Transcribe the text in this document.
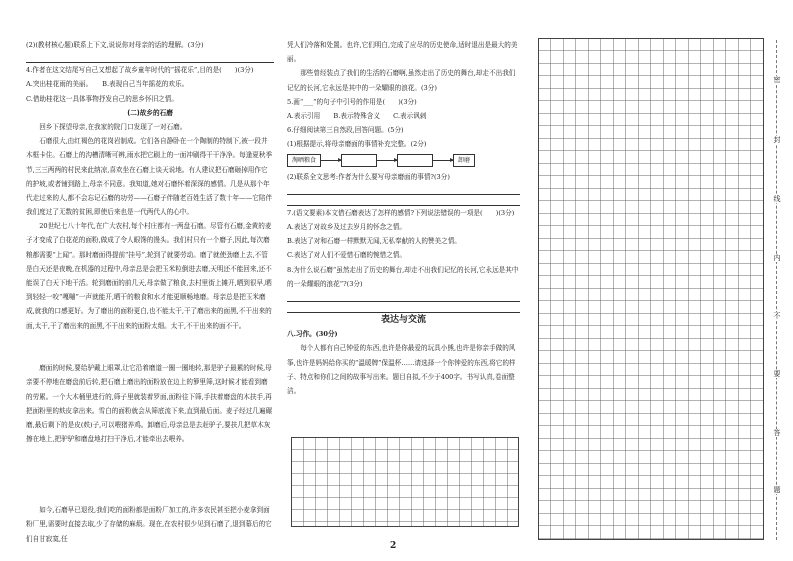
(2)(教材核心题)联系上下文,说说你对母亲的话的理解。(3分)

4.作者在这文结尾写自己又想起了故乡童年时代的“摇花乐”,目的是(　　)(3分)

A.突出桂花雨的美丽。　　 B.表现自己当年摇花的欢乐。

C.借助桂花这一具体事物抒发自己的思乡怀旧之情。

(二)故乡的石磨

回乡下探望母亲,在我家的院门口发现了一对石磨。

石磨很大,由红褐色的花岗岩制成。它们各自静卧在一个陶制的特制下,被一段井木框卡住。石磨上的沟槽清晰可辨,雨水把它刷上的一面冲刷得干干净净。每逢夏秋季节,三三两两的村民来此纳凉,喜欢坐在石磨上谈天说地。有人建议把石磨砸掉用作它的护坡,或者铺到路上,母亲不同意。我知道,她对石磨怀着深深的感情。几是从那个年代走过来的人,都不会忘记石磨的功劳——石磨子伴随老百姓生活了数十年——它陪伴我们度过了无数的贫困,即使后来也是一代两代人的心中。

20世纪七八十年代,在广大农村,每个村庄都有一两盘石磨。尽管有石磨,金黄的麦子才变成了白花花的面粉,做成了令人眼馋的馒头。我们村只有一个磨子,因此,每次磨粮都需要“上闻”。那时磨面得提前“挂号”,轮到了就要劳动。磨了就使劲磨上去,不管是白天还是夜晚,在机器的过程中,母亲总是会把玉米粒倒进去磨,天明还不能回来,还不能误了白天下地干活。轮到磨面的前几天,母亲做了粮食,去村里街上摊开,晒到很早,晒到轻轻一咬“嘎嘣”一声就能开,晒干的粮食和水才能更顺畅地磨。母亲总是把玉米磨成,就我的口感更好。为了磨出的面粉更白,也不能太干,干了磨出来的面黑,不干出来的面,太干,干了磨出来的面黑,不干出来的面粉太细。太干,不干出来的面不干。

磨面的时候,要给驴戴上眼罩,让它沿着磨道一圈一圈地转,那是驴子最累的时候,母亲要不停地在磨盘前后转,把石磨上磨出的面粉放在边上的箩里筛,这时候才能看到磨的劳累。一个大木桶里进行的,筛子里就装着罗面,面粉往下筛,手扶着磨盘的木扶手,再把面粉里的麸皮拿出来。雪白的面粉就会从筛底流下来,直到最后面。麦子经过几遍碾磨,最后剩下的是皮(麸)子,可以喂猪养鸡。卸磨后,母亲总是去赶驴子,要扶几把草木灰擦在地上,把驴驴和磨盘地打扫干净后,才能牵出去喂养。

如今,石磨早已退役,我们吃的面粉都是面粉厂加工的,许多农民甚至把小麦拿到面粉厂里,需要时直接去取,少了存储的麻烦。现在,在农村很少见到石磨了,退到幕后的它们自甘寂寞,任

凭人们冷落和处置。也许,它们明白,完成了应尽的历史使命,适时退出是最大的美丽。

那些曾经装点了我们的生活的石磨啊,虽然走出了历史的舞台,却走不出我们记忆的长河,它永远是其中的一朵耀眼的浪花。(3分)

5.画“___”的句子中引号的作用是(　　)(3分)

A.表示引用　　B.表示特殊含义　　C.表示讽刺

6.仔细阅读第三自然段,回答问题。(5分)

(1)根据提示,将母亲磨面的事情补充完整。(2分)

淘晒粮食	卸磨

(2)联系全文思考:作者为什么要写母亲磨面的事情?(3分)

7.(语文要素)本文借石磨表达了怎样的感情?下列说法错误的一项是(　　)(3分)

A.表达了对故乡及过去岁月的怀念之情。

B.表达了对和石磨一样默默无闻,无私奉献的人的赞美之情。

C.表达了对人们不爱惜石磨的惋惜之情。

8.为什么说石磨“虽然走出了历史的舞台,却走不出我们记忆的长河,它永远是其中的一朵耀眼的浪花”?(3分)

表达与交流

八.习作。(30分)

每个人都有自己钟爱的东西,也许是你最爱的玩具小熊,也许是你亲手做的风筝,也许是妈妈给你买的“温暖牌”保温杯……请选择一个你钟爱的东西,将它的样子、特点和你们之间的故事写出来。题目自拟,不少于400字。书写认真,卷面整洁。

密
封
线
内
不
要
答
题
2
